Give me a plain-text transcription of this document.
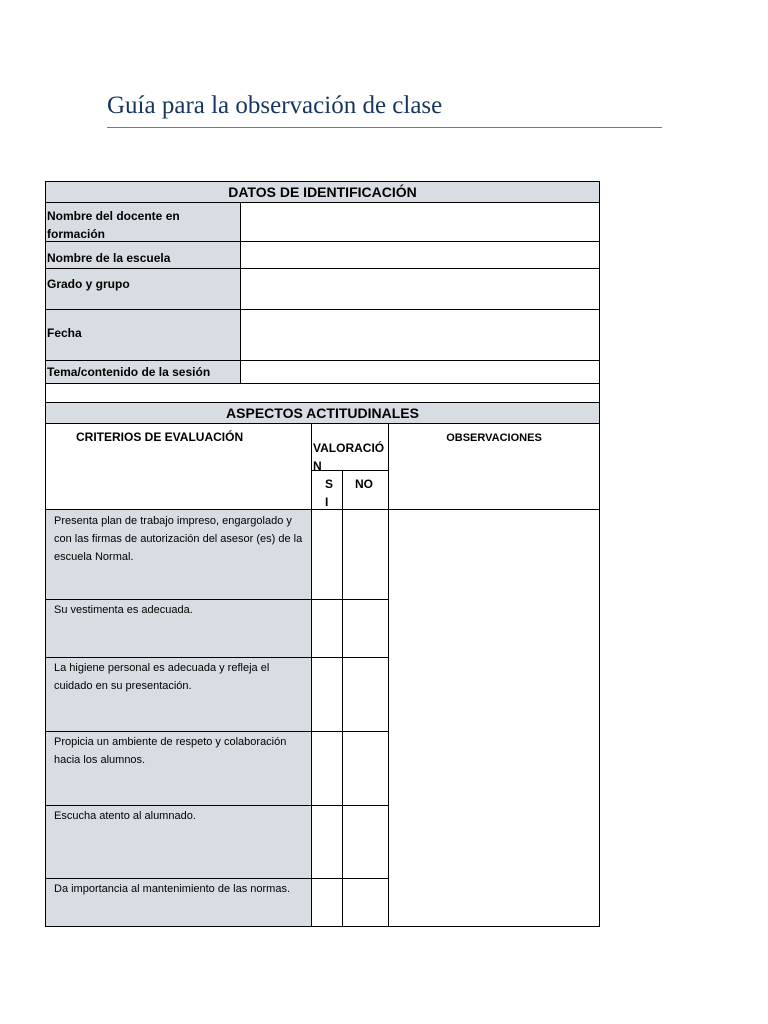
Guía para la observación de clase
DATOS DE IDENTIFICACIÓN
Nombre del docente en formación
Nombre de la escuela
Grado y grupo
Fecha
Tema/contenido de la sesión
ASPECTOS ACTITUDINALES
CRITERIOS DE EVALUACIÓN
VALORACIÓN
SI
NO
OBSERVACIONES
Presenta plan de trabajo impreso, engargolado y con las firmas de autorización del asesor (es) de la escuela Normal.
Su vestimenta es adecuada.
La higiene personal es adecuada y refleja el cuidado en su presentación.
Propicia un ambiente de respeto y colaboración hacia los alumnos.
Escucha atento al alumnado.
Da importancia al mantenimiento de las normas.
